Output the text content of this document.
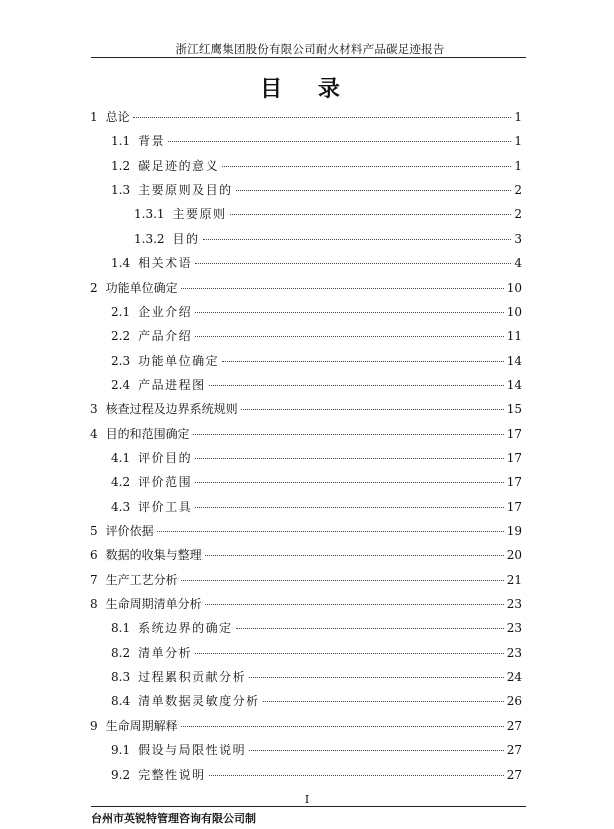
浙江红鹰集团股份有限公司耐火材料产品碳足迹报告
目 录
1 总论	1
1.1 背景	1
1.2 碳足迹的意义	1
1.3 主要原则及目的	2
1.3.1 主要原则	2
1.3.2 目的	3
1.4 相关术语	4
2 功能单位确定	10
2.1 企业介绍	10
2.2 产品介绍	11
2.3 功能单位确定	14
2.4 产品进程图	14
3 核查过程及边界系统规则	15
4 目的和范围确定	17
4.1 评价目的	17
4.2 评价范围	17
4.3 评价工具	17
5 评价依据	19
6 数据的收集与整理	20
7 生产工艺分析	21
8 生命周期清单分析	23
8.1 系统边界的确定	23
8.2 清单分析	23
8.3 过程累积贡献分析	24
8.4 清单数据灵敏度分析	26
9 生命周期解释	27
9.1 假设与局限性说明	27
9.2 完整性说明	27
I
台州市英锐特管理咨询有限公司制
